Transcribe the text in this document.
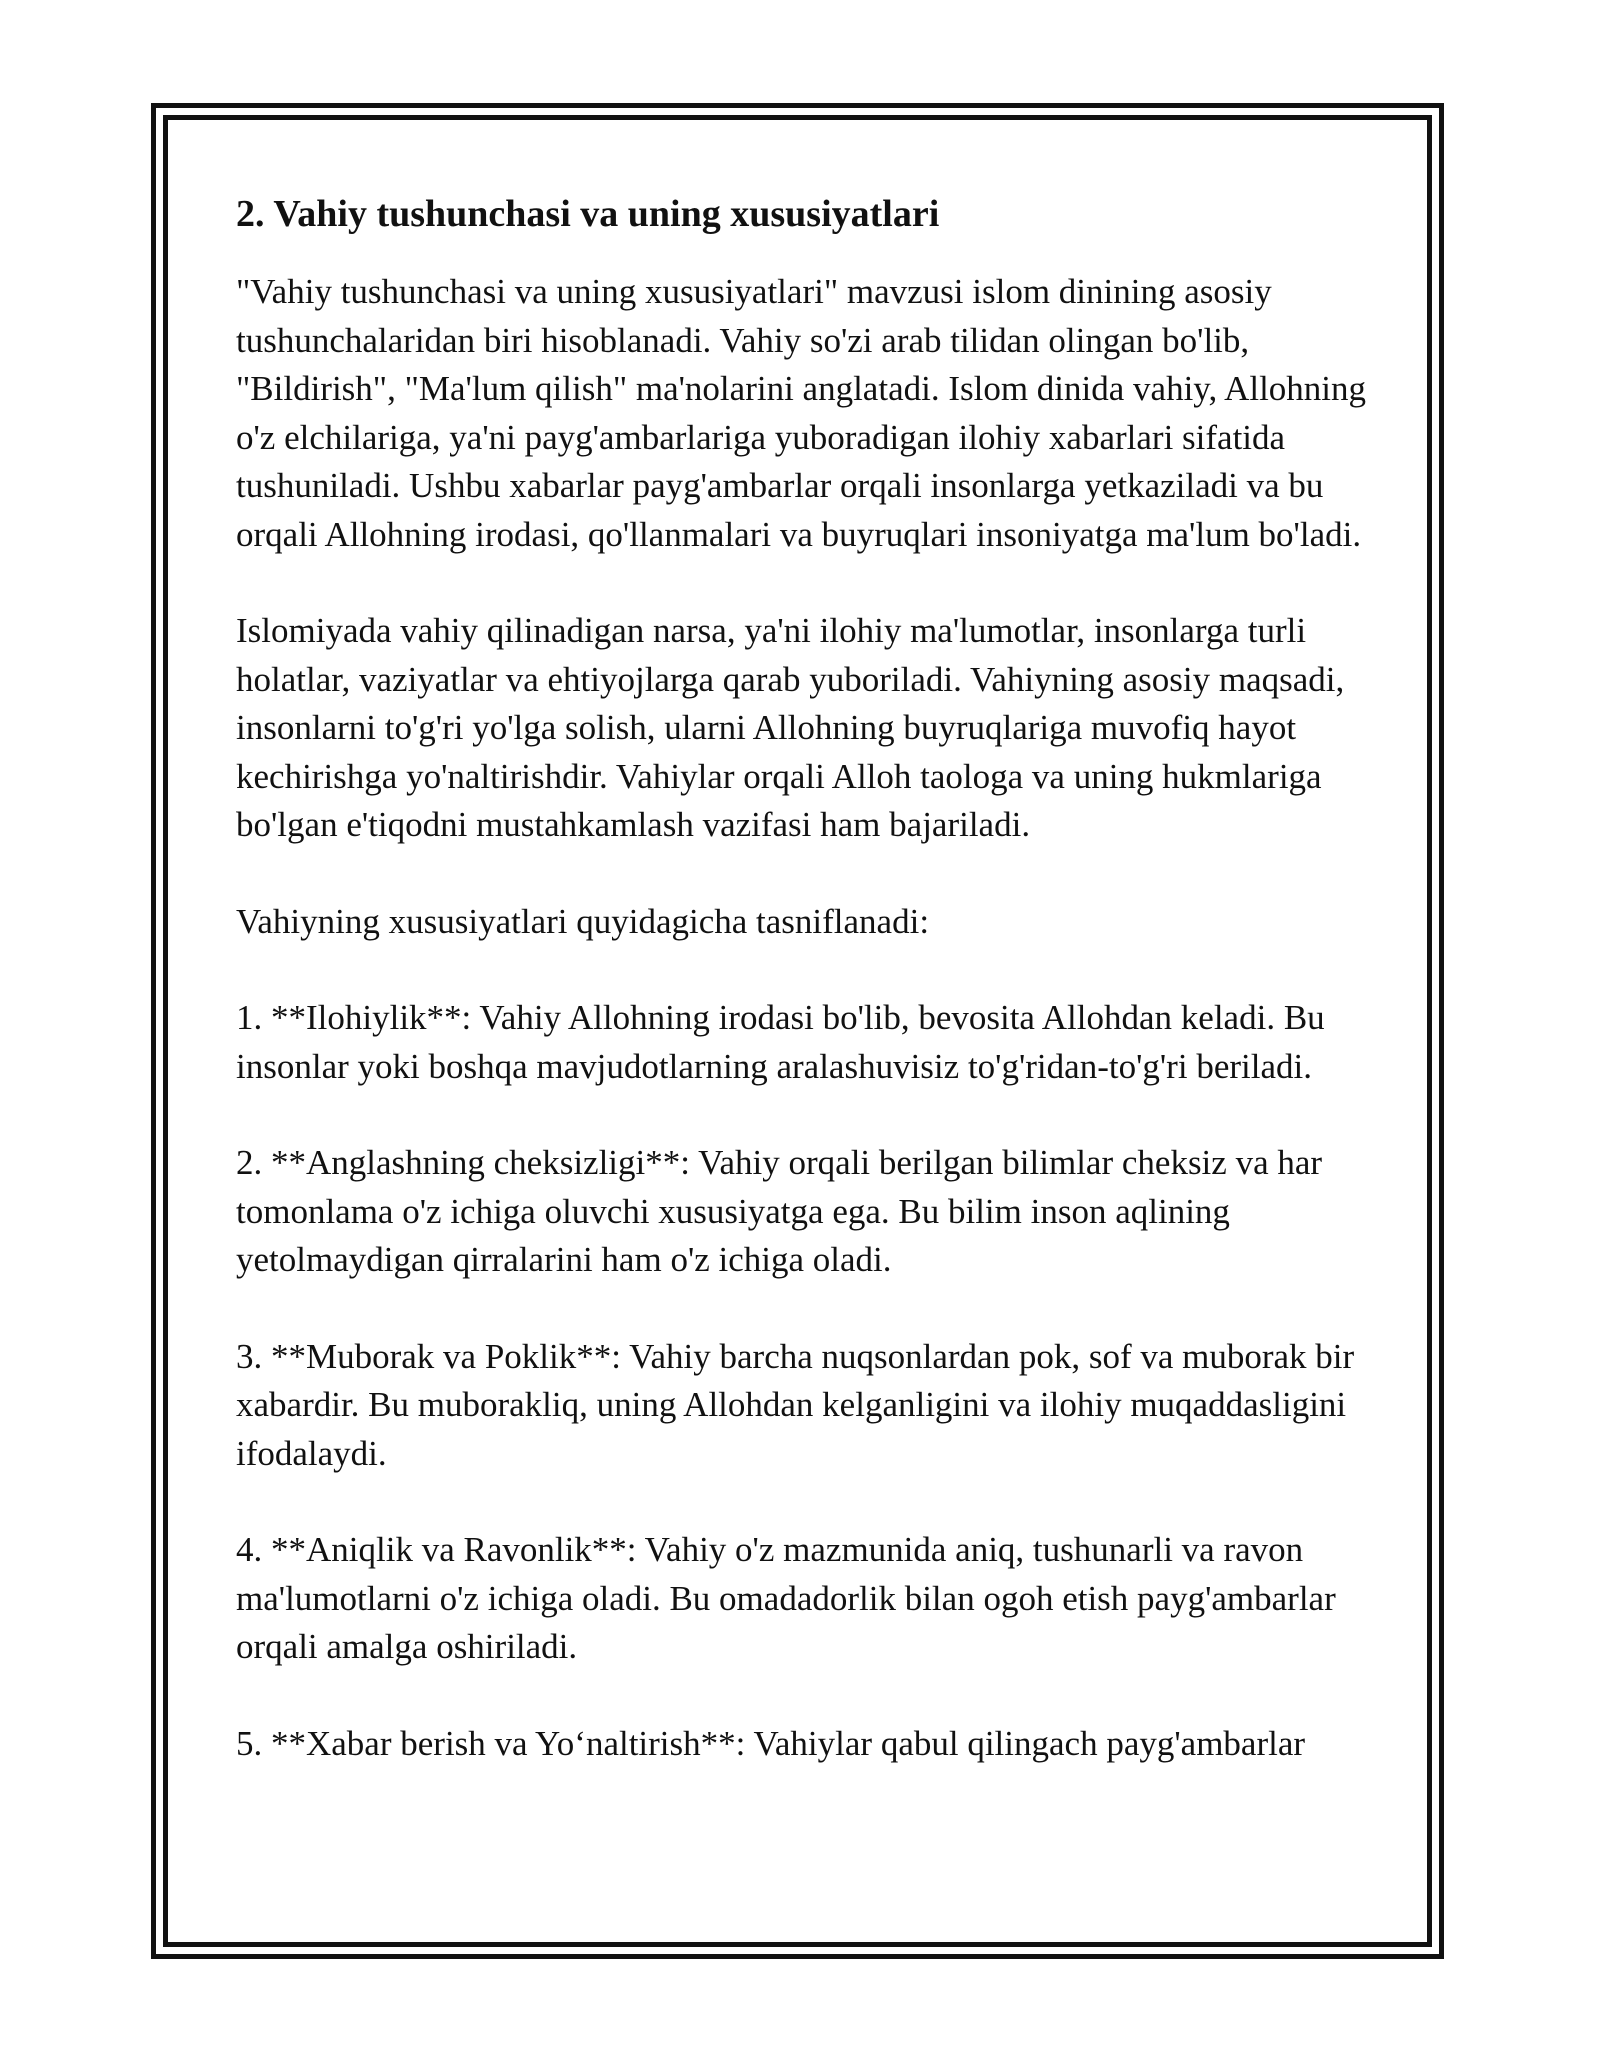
2. Vahiy tushunchasi va uning xususiyatlari

"Vahiy tushunchasi va uning xususiyatlari" mavzusi islom dinining asosiy tushunchalaridan biri hisoblanadi. Vahiy so'zi arab tilidan olingan bo'lib, "Bildirish", "Ma'lum qilish" ma'nolarini anglatadi. Islom dinida vahiy, Allohning o'z elchilariga, ya'ni payg'ambarlariga yuboradigan ilohiy xabarlari sifatida tushuniladi. Ushbu xabarlar payg'ambarlar orqali insonlarga yetkaziladi va bu orqali Allohning irodasi, qo'llanmalari va buyruqlari insoniyatga ma'lum bo'ladi.

Islomiyada vahiy qilinadigan narsa, ya'ni ilohiy ma'lumotlar, insonlarga turli holatlar, vaziyatlar va ehtiyojlarga qarab yuboriladi. Vahiyning asosiy maqsadi, insonlarni to'g'ri yo'lga solish, ularni Allohning buyruqlariga muvofiq hayot kechirishga yo'naltirishdir. Vahiylar orqali Alloh taologa va uning hukmlariga bo'lgan e'tiqodni mustahkamlash vazifasi ham bajariladi.

Vahiyning xususiyatlari quyidagicha tasniflanadi:

1. **Ilohiylik**: Vahiy Allohning irodasi bo'lib, bevosita Allohdan keladi. Bu insonlar yoki boshqa mavjudotlarning aralashuvisiz to'g'ridan-to'g'ri beriladi.

2. **Anglashning cheksizligi**: Vahiy orqali berilgan bilimlar cheksiz va har tomonlama o'z ichiga oluvchi xususiyatga ega. Bu bilim inson aqlining yetolmaydigan qirralarini ham o'z ichiga oladi.

3. **Muborak va Poklik**: Vahiy barcha nuqsonlardan pok, sof va muborak bir xabardir. Bu muborakliq, uning Allohdan kelganligini va ilohiy muqaddasligini ifodalaydi.

4. **Aniqlik va Ravonlik**: Vahiy o'z mazmunida aniq, tushunarli va ravon ma'lumotlarni o'z ichiga oladi. Bu omadadorlik bilan ogoh etish payg'ambarlar orqali amalga oshiriladi.

5. **Xabar berish va Yo‘naltirish**: Vahiylar qabul qilingach payg'ambarlar
